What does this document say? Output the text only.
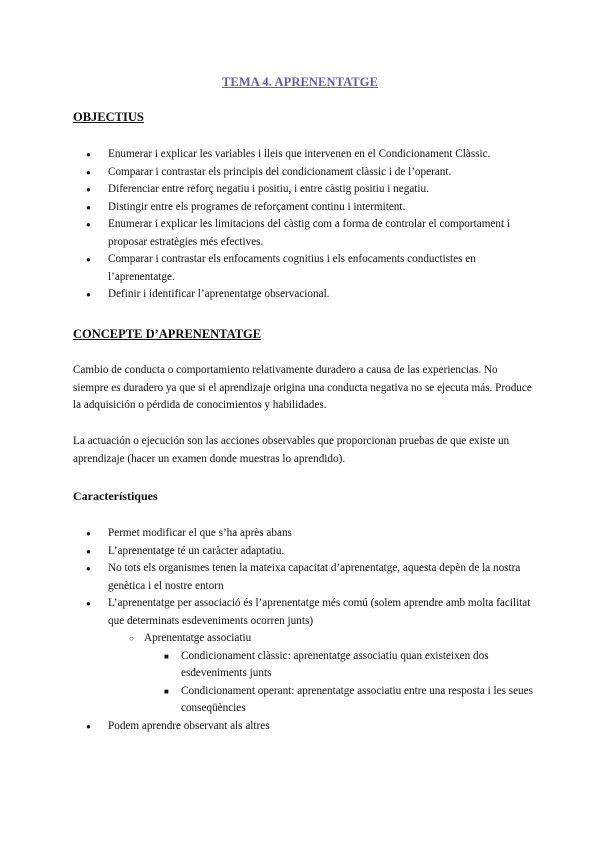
TEMA 4. APRENENTATGE
OBJECTIUS
● Enumerar i explicar les variables i lleis que intervenen en el Condicionament Clàssic.
● Comparar i contrastar els principis del condicionament clàssic i de l’operant.
● Diferenciar entre reforç negatiu i positiu, i entre càstig positiu i negatiu.
● Distingir entre els programes de reforçament continu i intermitent.
● Enumerar i explicar les limitacions del càstig com a forma de controlar el comportament i proposar estratègies més efectives.
● Comparar i contrastar els enfocaments cognitius i els enfocaments conductistes en l’aprenentatge.
● Definir i identificar l’aprenentatge observacional.
CONCEPTE D’APRENENTATGE

Cambio de conducta o comportamiento relativamente duradero a causa de las experiencias. No siempre es duradero ya que si el aprendizaje origina una conducta negativa no se ejecuta más. Produce la adquisición o pérdida de conocimientos y habilidades.

La actuación o ejecución son las acciones observables que proporcionan pruebas de que existe un aprendizaje (hacer un examen donde muestras lo aprendido).

Característiques
● Permet modificar el que s’ha après abans
● L’aprenentatge té un caràcter adaptatiu.
● No tots els organismes tenen la mateixa capacitat d’aprenentatge, aquesta depèn de la nostra genètica i el nostre entorn
● L’aprenentatge per associació és l’aprenentatge més comú (solem aprendre amb molta facilitat que determinats esdeveniments ocorren junts)
○ Aprenentatge associatiu
■ Condicionament clàssic: aprenentatge associatiu quan existeixen dos esdeveniments junts
■ Condicionament operant: aprenentatge associatiu entre una resposta i les seues conseqüències
● Podem aprendre observant als altres
